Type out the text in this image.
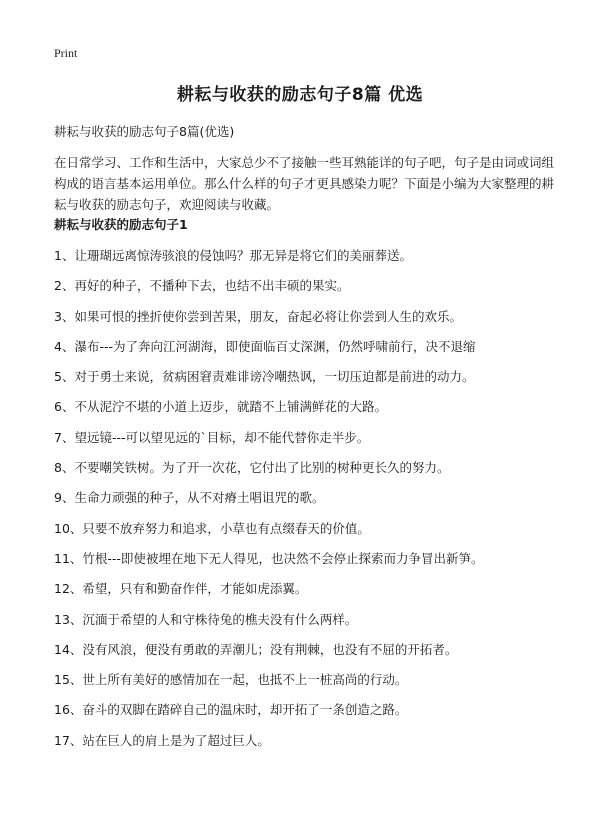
Print
耕耘与收获的励志句子8篇 优选

耕耘与收获的励志句子8篇(优选)

在日常学习、工作和生活中，大家总少不了接触一些耳熟能详的句子吧，句子是由词或词组构成的语言基本运用单位。那么什么样的句子才更具感染力呢？下面是小编为大家整理的耕耘与收获的励志句子，欢迎阅读与收藏。

耕耘与收获的励志句子1
1、让珊瑚远离惊涛骇浪的侵蚀吗？那无异是将它们的美丽葬送。
2、再好的种子，不播种下去，也结不出丰硕的果实。
3、如果可恨的挫折使你尝到苦果，朋友，奋起必将让你尝到人生的欢乐。
4、瀑布---为了奔向江河湖海，即使面临百丈深渊，仍然呼啸前行，决不退缩
5、对于勇士来说，贫病困窘责难诽谤冷嘲热讽，一切压迫都是前进的动力。
6、不从泥泞不堪的小道上迈步，就踏不上铺满鲜花的大路。
7、望远镜---可以望见远的`目标，却不能代替你走半步。
8、不要嘲笑铁树。为了开一次花，它付出了比别的树种更长久的努力。
9、生命力顽强的种子，从不对瘠土唱诅咒的歌。
10、只要不放弃努力和追求，小草也有点缀春天的价值。
11、竹根---即使被埋在地下无人得见，也决然不会停止探索而力争冒出新笋。
12、希望，只有和勤奋作伴，才能如虎添翼。
13、沉湎于希望的人和守株待兔的樵夫没有什么两样。
14、没有风浪，便没有勇敢的弄潮儿；没有荆棘，也没有不屈的开拓者。
15、世上所有美好的感情加在一起，也抵不上一桩高尚的行动。
16、奋斗的双脚在踏碎自己的温床时，却开拓了一条创造之路。
17、站在巨人的肩上是为了超过巨人。
